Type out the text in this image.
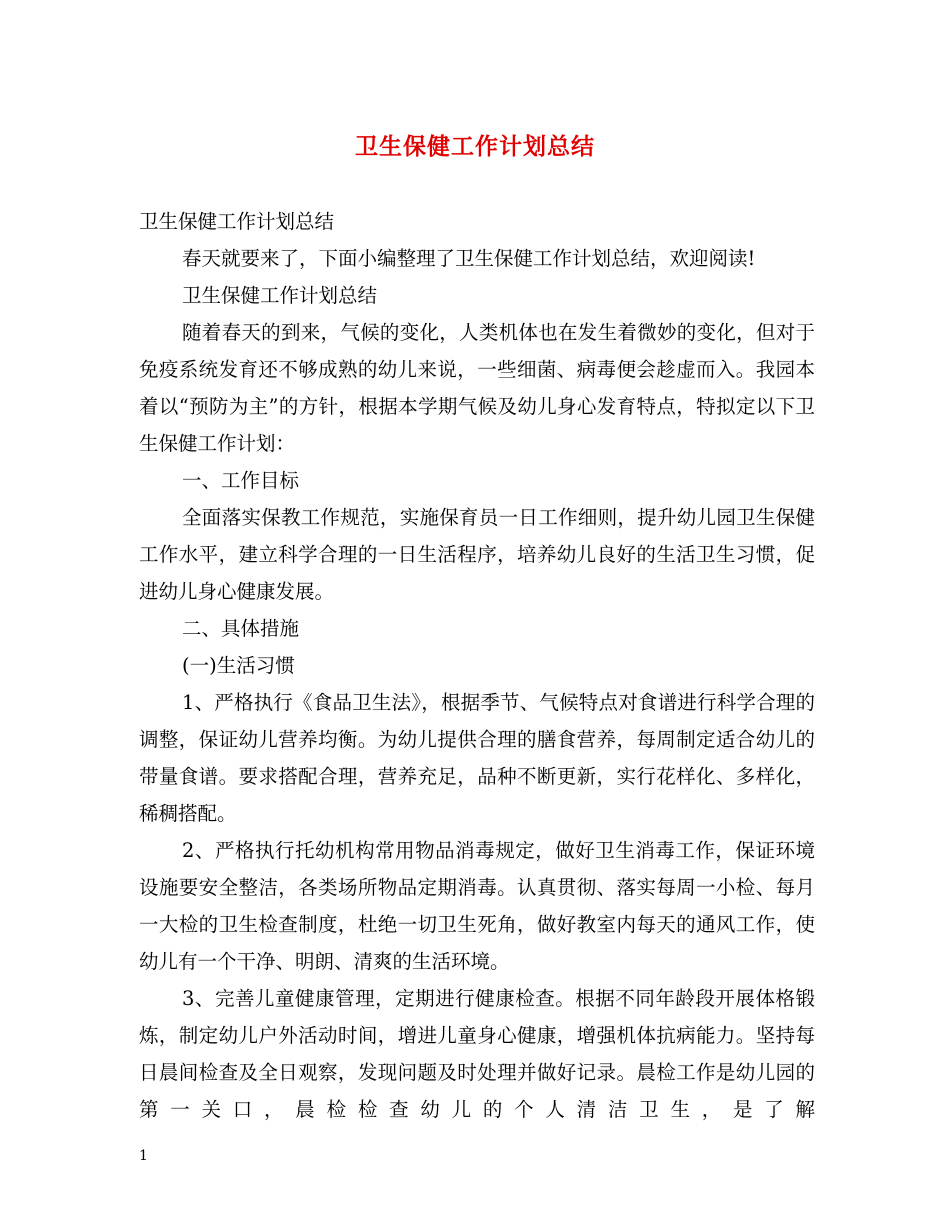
卫生保健工作计划总结

卫生保健工作计划总结

春天就要来了，下面小编整理了卫生保健工作计划总结，欢迎阅读!

卫生保健工作计划总结

随着春天的到来，气候的变化，人类机体也在发生着微妙的变化，但对于免疫系统发育还不够成熟的幼儿来说，一些细菌、病毒便会趁虚而入。我园本着以“预防为主”的方针，根据本学期气候及幼儿身心发育特点，特拟定以下卫生保健工作计划：

一、工作目标

全面落实保教工作规范，实施保育员一日工作细则，提升幼儿园卫生保健工作水平，建立科学合理的一日生活程序，培养幼儿良好的生活卫生习惯，促进幼儿身心健康发展。

二、具体措施

(一)生活习惯

1、严格执行《食品卫生法》，根据季节、气候特点对食谱进行科学合理的调整，保证幼儿营养均衡。为幼儿提供合理的膳食营养，每周制定适合幼儿的带量食谱。要求搭配合理，营养充足，品种不断更新，实行花样化、多样化，稀稠搭配。

2、严格执行托幼机构常用物品消毒规定，做好卫生消毒工作，保证环境设施要安全整洁，各类场所物品定期消毒。认真贯彻、落实每周一小检、每月一大检的卫生检查制度，杜绝一切卫生死角，做好教室内每天的通风工作，使幼儿有一个干净、明朗、清爽的生活环境。

3、完善儿童健康管理，定期进行健康检查。根据不同年龄段开展体格锻炼，制定幼儿户外活动时间，增进儿童身心健康，增强机体抗病能力。坚持每日晨间检查及全日观察，发现问题及时处理并做好记录。晨检工作是幼儿园的第一关口，晨检检查幼儿的个人清洁卫生，是了解

1
